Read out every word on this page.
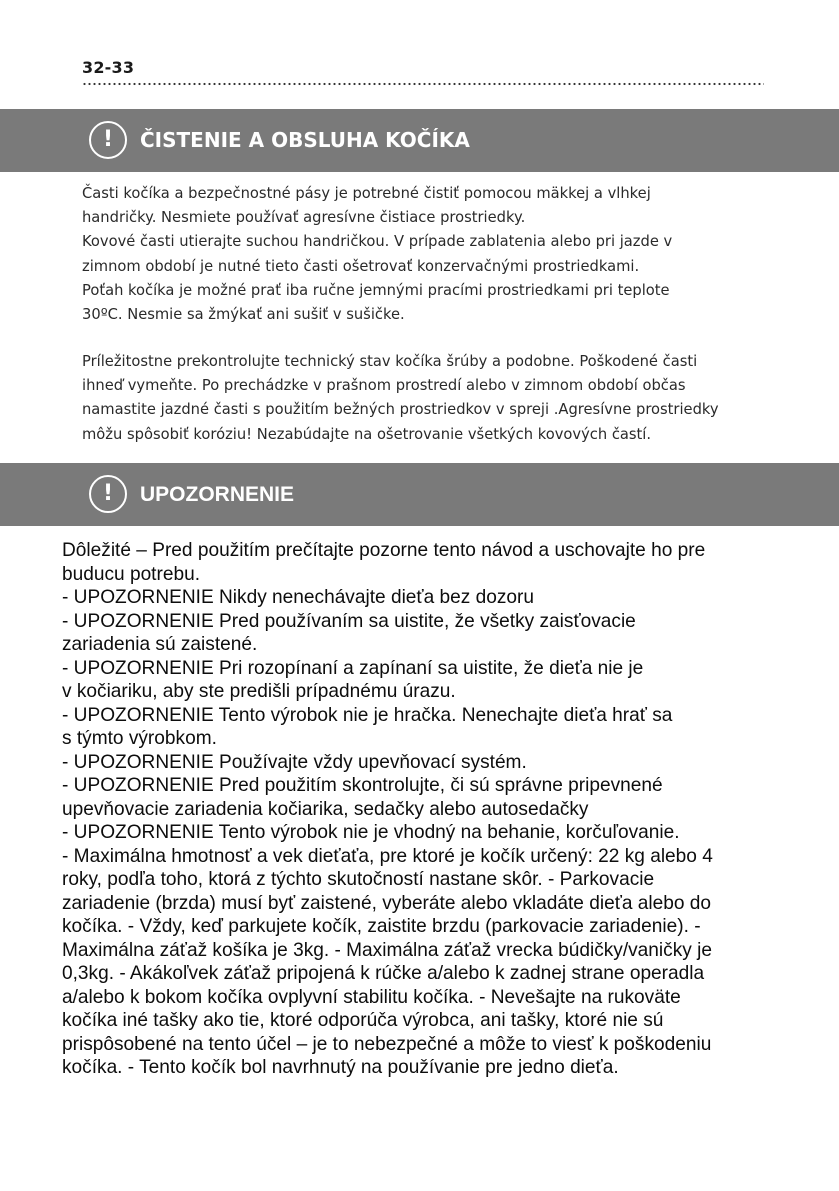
32-33
!	ČISTENIE A OBSLUHA KOČÍKA

Časti kočíka a bezpečnostné pásy je potrebné čistiť pomocou mäkkej a vlhkej

handričky. Nesmiete používať agresívne čistiace prostriedky.

Kovové časti utierajte suchou handričkou. V prípade zablatenia alebo pri jazde v

zimnom období je nutné tieto časti ošetrovať konzervačnými prostriedkami.

Poťah kočíka je možné prať iba ručne jemnými pracími prostriedkami pri teplote

30ºC. Nesmie sa žmýkať ani sušiť v sušičke.

Príležitostne prekontrolujte technický stav kočíka šrúby a podobne. Poškodené časti

ihneď vymeňte. Po prechádzke v prašnom prostredí alebo v zimnom období občas

namastite jazdné časti s použitím bežných prostriedkov v spreji .Agresívne prostriedky

môžu spôsobiť koróziu! Nezabúdajte na ošetrovanie všetkých kovových častí.

!	UPOZORNENIE

Dôležité – Pred použitím prečítajte pozorne tento návod a uschovajte ho pre

buducu potrebu.

- UPOZORNENIE Nikdy nenechávajte dieťa bez dozoru

- UPOZORNENIE Pred používaním sa uistite, že všetky zaisťovacie

zariadenia sú zaistené.

- UPOZORNENIE Pri rozopínaní a zapínaní sa uistite, že dieťa nie je

v kočiariku, aby ste predišli prípadnému úrazu.

- UPOZORNENIE Tento výrobok nie je hračka. Nenechajte dieťa hrať sa

s týmto výrobkom.

- UPOZORNENIE Používajte vždy upevňovací systém.

- UPOZORNENIE Pred použitím skontrolujte, či sú správne pripevnené

upevňovacie zariadenia kočiarika, sedačky alebo autosedačky

- UPOZORNENIE Tento výrobok nie je vhodný na behanie, korčuľovanie.

- Maximálna hmotnosť a vek dieťaťa, pre ktoré je kočík určený: 22 kg alebo 4

roky, podľa toho, ktorá z týchto skutočností nastane skôr. - Parkovacie

zariadenie (brzda) musí byť zaistené, vyberáte alebo vkladáte dieťa alebo do

kočíka. - Vždy, keď parkujete kočík, zaistite brzdu (parkovacie zariadenie). -

Maximálna záťaž košíka je 3kg. - Maximálna záťaž vrecka búdičky/vaničky je

0,3kg. - Akákoľvek záťaž pripojená k rúčke a/alebo k zadnej strane operadla

a/alebo k bokom kočíka ovplyvní stabilitu kočíka. - Nevešajte na rukoväte

kočíka iné tašky ako tie, ktoré odporúča výrobca, ani tašky, ktoré nie sú

prispôsobené na tento účel – je to nebezpečné a môže to viesť k poškodeniu

kočíka. - Tento kočík bol navrhnutý na používanie pre jedno dieťa.
